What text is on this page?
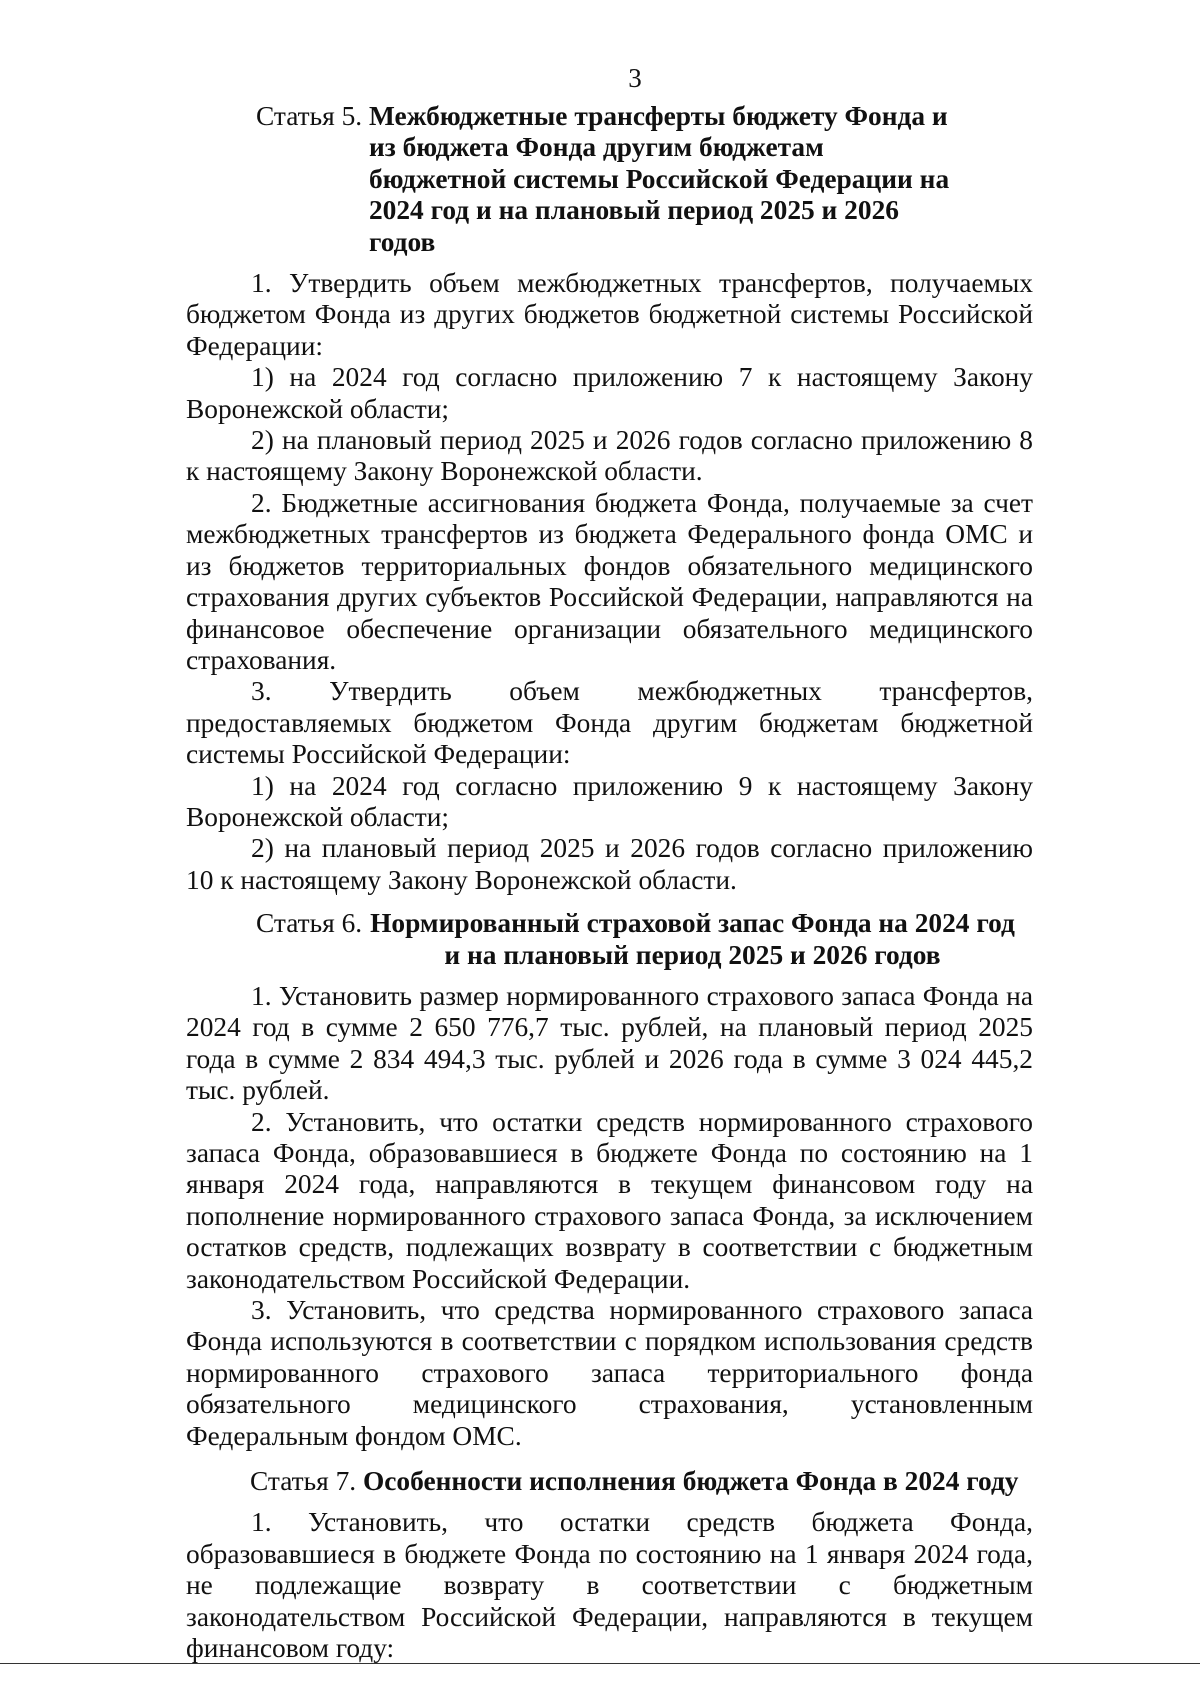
3
Статья 5. Межбюджетные трансферты бюджету Фонда и из бюджета Фонда другим бюджетам бюджетной системы Российской Федерации на 2024 год и на плановый период 2025 и 2026 годов

1. Утвердить объем межбюджетных трансфертов, получаемых бюджетом Фонда из других бюджетов бюджетной системы Российской Федерации:

1) на 2024 год согласно приложению 7 к настоящему Закону Воронежской области;

2) на плановый период 2025 и 2026 годов согласно приложению 8 к настоящему Закону Воронежской области.

2. Бюджетные ассигнования бюджета Фонда, получаемые за счет межбюджетных трансфертов из бюджета Федерального фонда ОМС и из бюджетов территориальных фондов обязательного медицинского страхования других субъектов Российской Федерации, направляются на финансовое обеспечение организации обязательного медицинского страхования.

3. Утвердить объем межбюджетных трансфертов, предоставляемых бюджетом Фонда другим бюджетам бюджетной системы Российской Федерации:

1) на 2024 год согласно приложению 9 к настоящему Закону Воронежской области;

2) на плановый период 2025 и 2026 годов согласно приложению 10 к настоящему Закону Воронежской области.

Статья 6. Нормированный страховой запас Фонда на 2024 год и на плановый период 2025 и 2026 годов

1. Установить размер нормированного страхового запаса Фонда на 2024 год в сумме 2 650 776,7 тыс. рублей, на плановый период 2025 года в сумме 2 834 494,3 тыс. рублей и 2026 года в сумме 3 024 445,2 тыс. рублей.

2. Установить, что остатки средств нормированного страхового запаса Фонда, образовавшиеся в бюджете Фонда по состоянию на 1 января 2024 года, направляются в текущем финансовом году на пополнение нормированного страхового запаса Фонда, за исключением остатков средств, подлежащих возврату в соответствии с бюджетным законодательством Российской Федерации.

3. Установить, что средства нормированного страхового запаса Фонда используются в соответствии с порядком использования средств нормированного страхового запаса территориального фонда обязательного медицинского страхования, установленным Федеральным фондом ОМС.

Статья 7. Особенности исполнения бюджета Фонда в 2024 году

1. Установить, что остатки средств бюджета Фонда, образовавшиеся в бюджете Фонда по состоянию на 1 января 2024 года, не подлежащие возврату в соответствии с бюджетным законодательством Российской Федерации, направляются в текущем финансовом году:
